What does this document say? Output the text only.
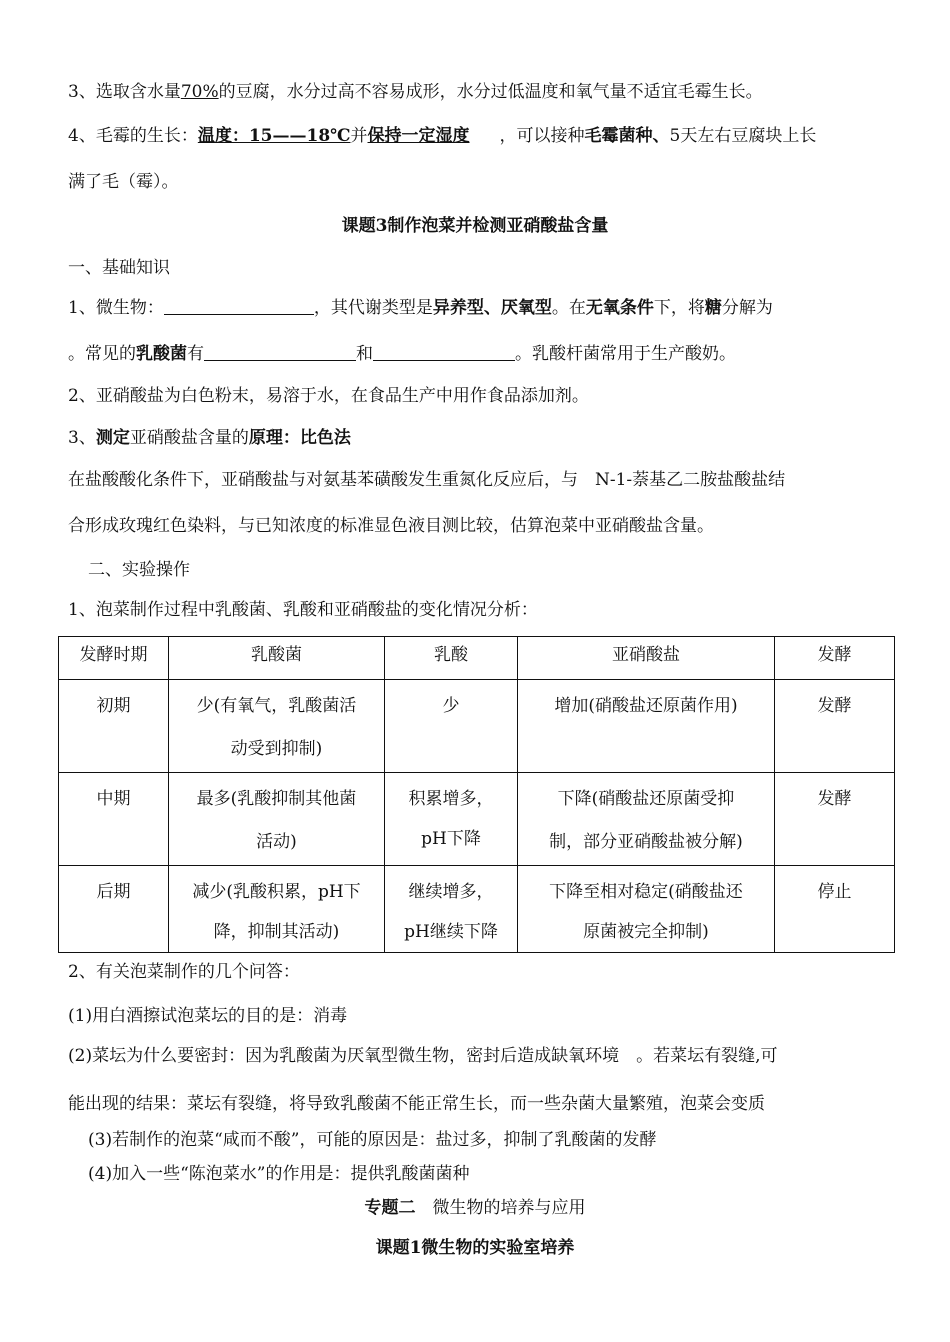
3、选取含水量70%的豆腐，水分过高不容易成形，水分过低温度和氧气量不适宜毛霉生长。
4、毛霉的生长：温度：15——18℃并保持一定湿度 ，可以接种毛霉菌种、5天左右豆腐块上长
满了毛（霉）。
课题3制作泡菜并检测亚硝酸盐含量
一、基础知识
1、微生物：	，其代谢类型是异养型、厌氧型。在无氧条件下，将糖分解为
。常见的乳酸菌有	和	。乳酸杆菌常用于生产酸奶。
2、亚硝酸盐为白色粉末，易溶于水，在食品生产中用作食品添加剂。
3、测定亚硝酸盐含量的原理：比色法
在盐酸酸化条件下，亚硝酸盐与对氨基苯磺酸发生重氮化反应后，与　N-1-萘基乙二胺盐酸盐结
合形成玫瑰红色染料，与已知浓度的标准显色液目测比较，估算泡菜中亚硝酸盐含量。
二、实验操作
1、泡菜制作过程中乳酸菌、乳酸和亚硝酸盐的变化情况分析：
发酵时期	乳酸菌	乳酸	亚硝酸盐	发酵

初期	少(有氧气，乳酸菌活
动受到抑制)	少	增加(硝酸盐还原菌作用)	发酵

中期	最多(乳酸抑制其他菌
活动)	积累增多，
pH下降	下降(硝酸盐还原菌受抑
制，部分亚硝酸盐被分解)	发酵

后期	减少(乳酸积累，pH下
降，抑制其活动)	继续增多，
pH继续下降	下降至相对稳定(硝酸盐还
原菌被完全抑制)	停止
2、有关泡菜制作的几个问答：
(1)用白酒擦试泡菜坛的目的是：消毒
(2)菜坛为什么要密封：因为乳酸菌为厌氧型微生物，密封后造成缺氧环境　。若菜坛有裂缝,可
能出现的结果：菜坛有裂缝，将导致乳酸菌不能正常生长，而一些杂菌大量繁殖，泡菜会变质
(3)若制作的泡菜“咸而不酸”，可能的原因是：盐过多，抑制了乳酸菌的发酵
(4)加入一些“陈泡菜水”的作用是：提供乳酸菌菌种
专题二　微生物的培养与应用
课题1微生物的实验室培养
